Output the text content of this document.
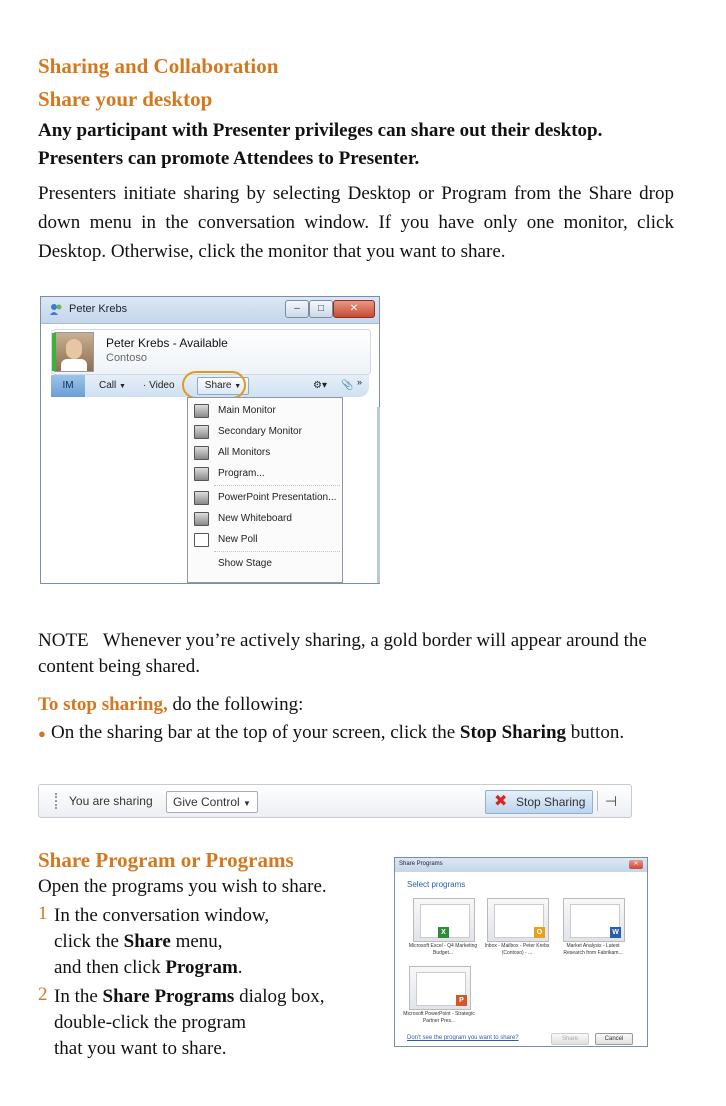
Sharing and Collaboration
Share your desktop
Any participant with Presenter privileges can share out their desktop. Presenters can promote Attendees to Presenter.
Presenters initiate sharing by selecting Desktop or Program from the Share drop down menu in the conversation window. If you have only one monitor, click Desktop. Otherwise, click the monitor that you want to share.
Peter Krebs	–	□	✕
Peter Krebs - Available
Contoso
IM	Call ▼ · Video	Share ▼	⚙▾ 📎 »
Main Monitor
Secondary Monitor
All Monitors
Program...
PowerPoint Presentation...
New Whiteboard
New Poll
Show Stage
NOTE Whenever you’re actively sharing, a gold border will appear around the content being shared.
To stop sharing, do the following:
● On the sharing bar at the top of your screen, click the Stop Sharing button.
You are sharing	Give Control ▼	✖ Stop Sharing ⊣
Share Program or Programs
Open the programs you wish to share.
1 In the conversation window,
click the Share menu,
and then click Program.
2 In the Share Programs dialog box,
double-click the program
that you want to share.
Share Programs	✕
Select programs
X
Microsoft Excel - Q4 Marketing Budget...
O
Inbox - Mailbox - Peter Krebs (Contoso) - ...
W
Market Analysis - Latest Research from Fabrikam...
P
Microsoft PowerPoint - Strategic Partner Pres...
Don't see the program you want to share?	Share	Cancel
